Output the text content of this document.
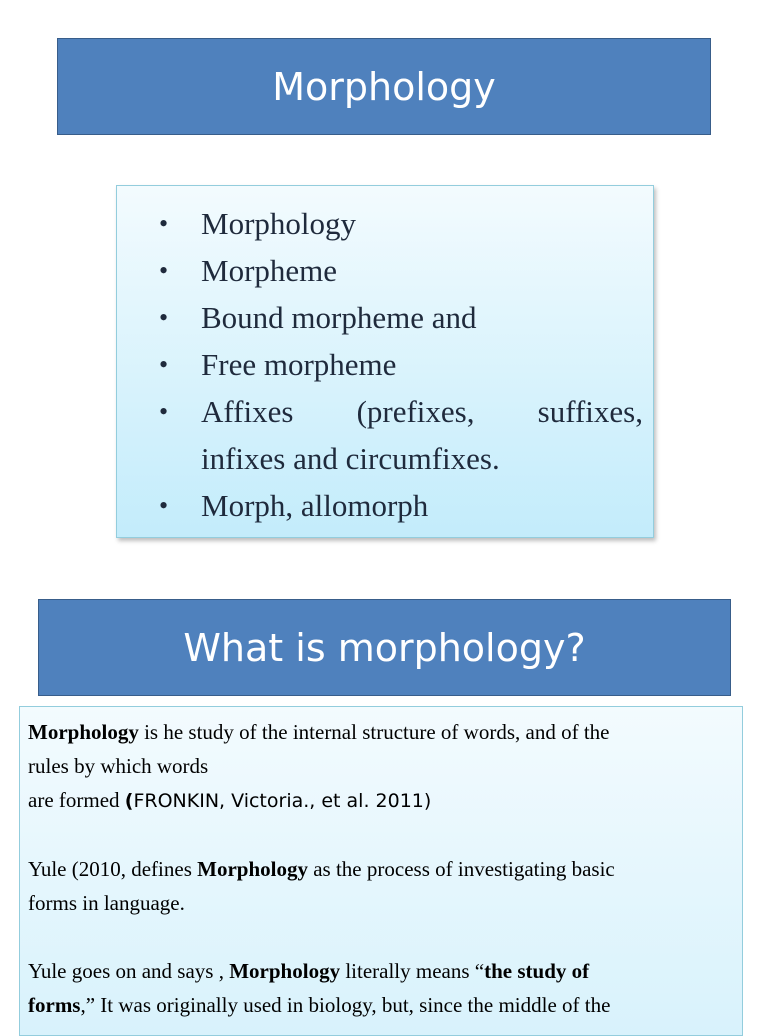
Morphology
• Morphology
• Morpheme
• Bound morpheme and
• Free morpheme
• Affixes (prefixes, suffixes,
infixes and circumfixes.
• Morph, allomorph
What is morphology?

Morphology is he study of the internal structure of words, and of the
rules by which words
are formed (FRONKIN, Victoria., et al. 2011)

Yule (2010, defines Morphology as the process of investigating basic
forms in language.

Yule goes on and says , Morphology literally means “the study of
forms,” It was originally used in biology, but, since the middle of the
